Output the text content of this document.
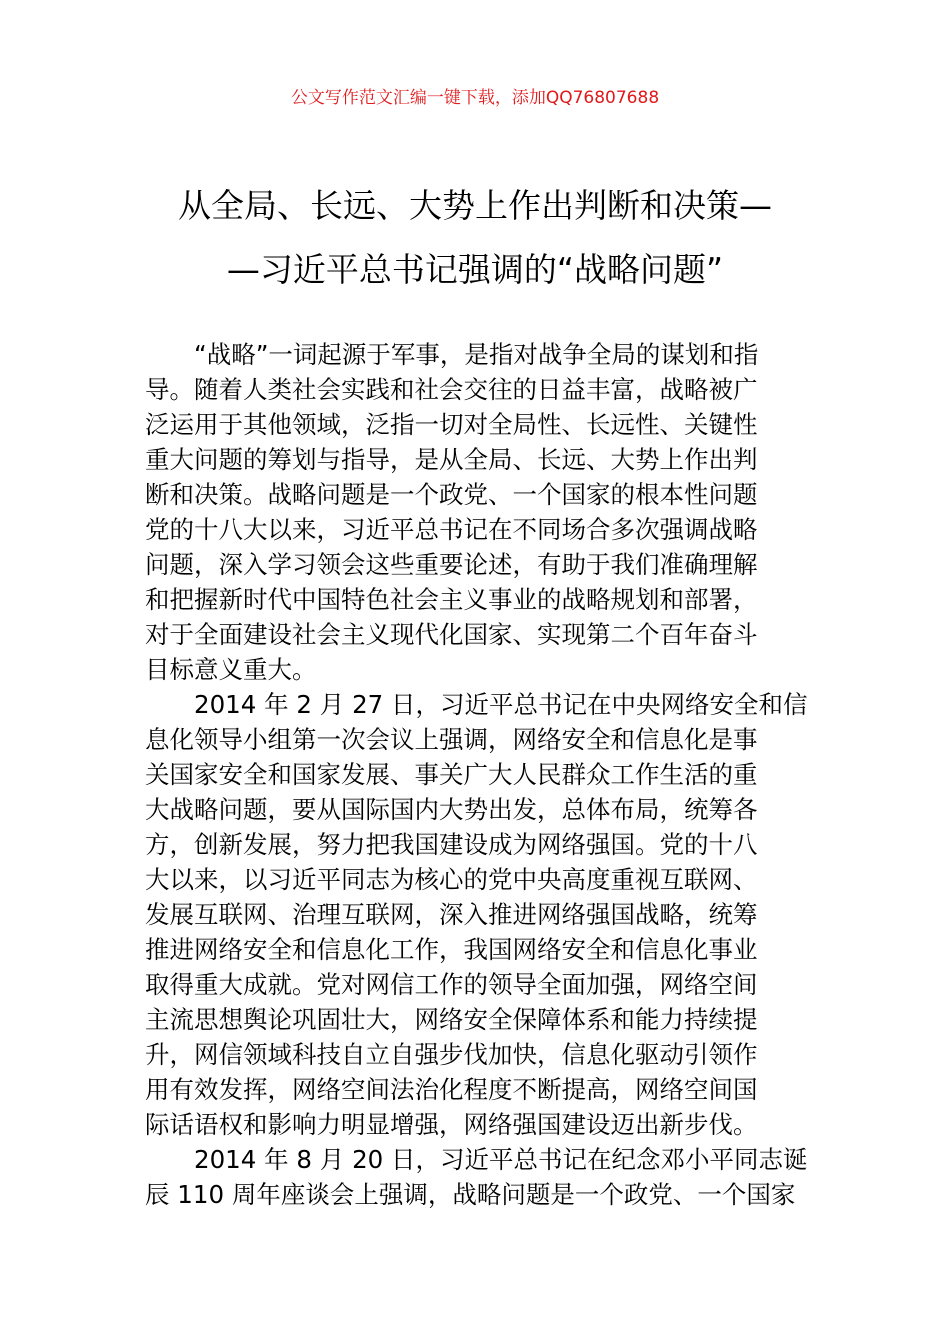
公文写作范文汇编一键下载，添加QQ76807688
从全局、长远、大势上作出判断和决策—
—习近平总书记强调的“战略问题”
“战略”一词起源于军事，是指对战争全局的谋划和指
导。随着人类社会实践和社会交往的日益丰富，战略被广
泛运用于其他领域，泛指一切对全局性、长远性、关键性
重大问题的筹划与指导，是从全局、长远、大势上作出判
断和决策。战略问题是一个政党、一个国家的根本性问题
党的十八大以来，习近平总书记在不同场合多次强调战略
问题，深入学习领会这些重要论述，有助于我们准确理解
和把握新时代中国特色社会主义事业的战略规划和部署，
对于全面建设社会主义现代化国家、实现第二个百年奋斗
目标意义重大。
2014 年 2 月 27 日，习近平总书记在中央网络安全和信
息化领导小组第一次会议上强调，网络安全和信息化是事
关国家安全和国家发展、事关广大人民群众工作生活的重
大战略问题，要从国际国内大势出发，总体布局，统筹各
方，创新发展，努力把我国建设成为网络强国。党的十八
大以来，以习近平同志为核心的党中央高度重视互联网、
发展互联网、治理互联网，深入推进网络强国战略，统筹
推进网络安全和信息化工作，我国网络安全和信息化事业
取得重大成就。党对网信工作的领导全面加强，网络空间
主流思想舆论巩固壮大，网络安全保障体系和能力持续提
升，网信领域科技自立自强步伐加快，信息化驱动引领作
用有效发挥，网络空间法治化程度不断提高，网络空间国
际话语权和影响力明显增强，网络强国建设迈出新步伐。
2014 年 8 月 20 日，习近平总书记在纪念邓小平同志诞
辰 110 周年座谈会上强调，战略问题是一个政党、一个国家
